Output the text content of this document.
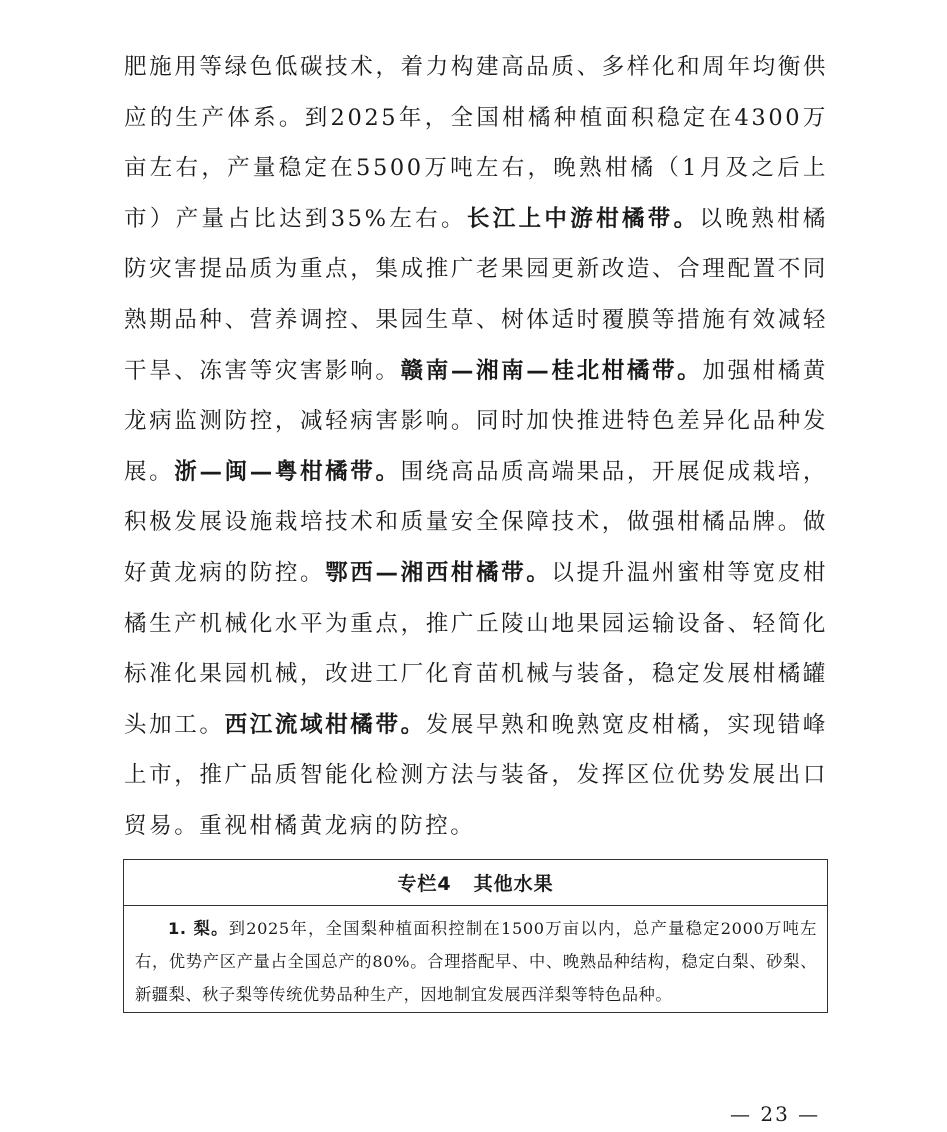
肥施用等绿色低碳技术，着力构建高品质、多样化和周年均衡供应的生产体系。到2025年，全国柑橘种植面积稳定在4300万亩左右，产量稳定在5500万吨左右，晚熟柑橘（1月及之后上市）产量占比达到35%左右。长江上中游柑橘带。以晚熟柑橘防灾害提品质为重点，集成推广老果园更新改造、合理配置不同熟期品种、营养调控、果园生草、树体适时覆膜等措施有效减轻干旱、冻害等灾害影响。赣南—湘南—桂北柑橘带。加强柑橘黄龙病监测防控，减轻病害影响。同时加快推进特色差异化品种发展。浙—闽—粤柑橘带。围绕高品质高端果品，开展促成栽培，积极发展设施栽培技术和质量安全保障技术，做强柑橘品牌。做好黄龙病的防控。鄂西—湘西柑橘带。以提升温州蜜柑等宽皮柑橘生产机械化水平为重点，推广丘陵山地果园运输设备、轻简化标准化果园机械，改进工厂化育苗机械与装备，稳定发展柑橘罐头加工。西江流域柑橘带。发展早熟和晚熟宽皮柑橘，实现错峰上市，推广品质智能化检测方法与装备，发挥区位优势发展出口贸易。重视柑橘黄龙病的防控。

专栏4 其他水果

1. 梨。到2025年，全国梨种植面积控制在1500万亩以内，总产量稳定2000万吨左右，优势产区产量占全国总产的80%。合理搭配早、中、晚熟品种结构，稳定白梨、砂梨、新疆梨、秋子梨等传统优势品种生产，因地制宜发展西洋梨等特色品种。

— 23 —
